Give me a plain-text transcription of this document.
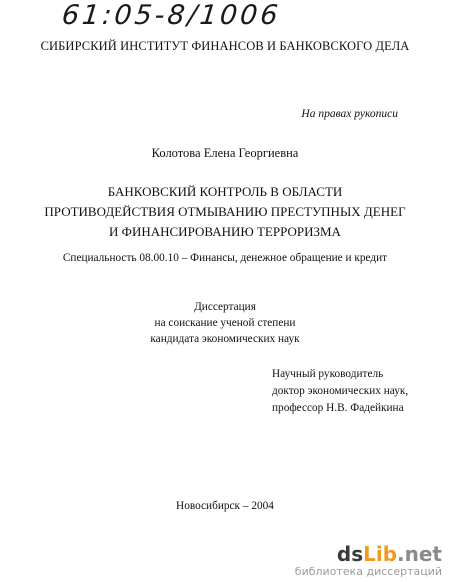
61:05-8/1006
СИБИРСКИЙ ИНСТИТУТ ФИНАНСОВ И БАНКОВСКОГО ДЕЛА
На правах рукописи
Колотова Елена Георгиевна
БАНКОВСКИЙ КОНТРОЛЬ В ОБЛАСТИ
ПРОТИВОДЕЙСТВИЯ ОТМЫВАНИЮ ПРЕСТУПНЫХ ДЕНЕГ
И ФИНАНСИРОВАНИЮ ТЕРРОРИЗМА
Специальность 08.00.10 – Финансы, денежное обращение и кредит
Диссертация
на соискание ученой степени
кандидата экономических наук
Научный руководитель
доктор экономических наук,
профессор Н.В. Фадейкина
Новосибирск – 2004
dsLib.net
библиотека диссертаций
